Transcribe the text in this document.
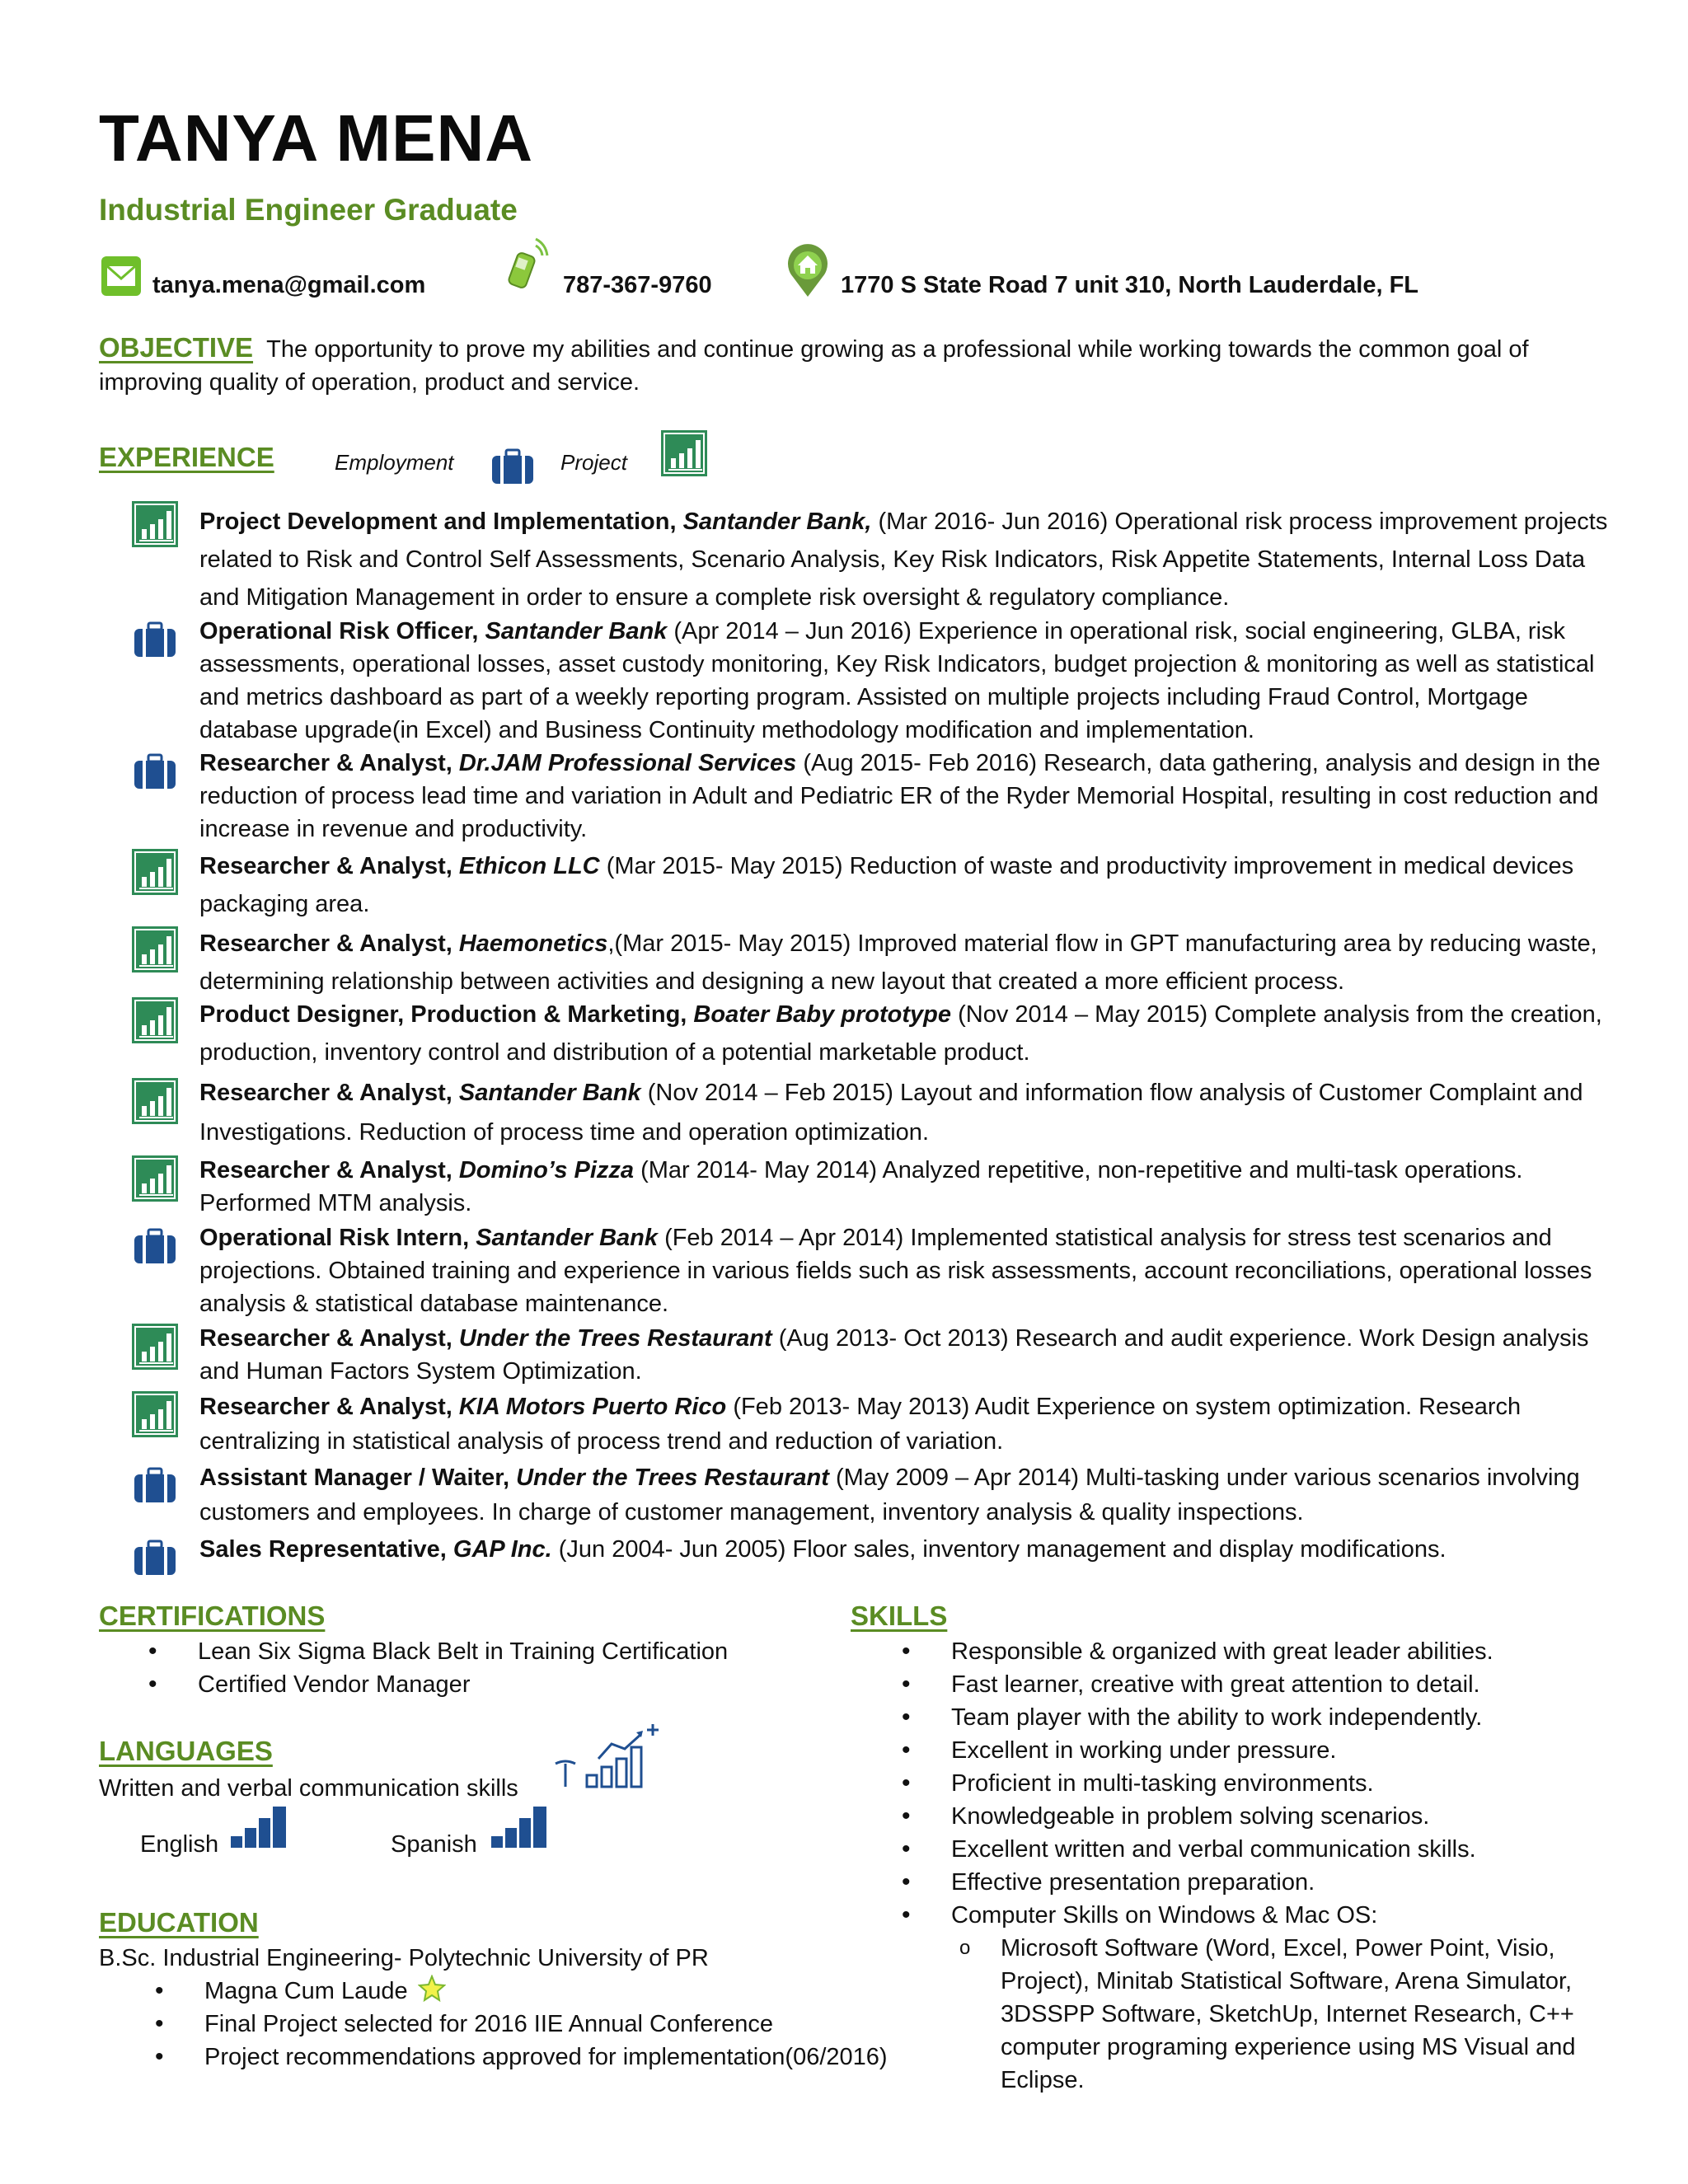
TANYA MENA
Industrial Engineer Graduate
tanya.mena@gmail.com	787-367-9760	1770 S State Road 7 unit 310, North Lauderdale, FL
OBJECTIVE The opportunity to prove my abilities and continue growing as a professional while working towards the common goal of improving quality of operation, product and service.
EXPERIENCE	Employment	Project
Project Development and Implementation, Santander Bank, (Mar 2016- Jun 2016) Operational risk process improvement projects related to Risk and Control Self Assessments, Scenario Analysis, Key Risk Indicators, Risk Appetite Statements, Internal Loss Data and Mitigation Management in order to ensure a complete risk oversight & regulatory compliance.
Operational Risk Officer, Santander Bank (Apr 2014 – Jun 2016) Experience in operational risk, social engineering, GLBA, risk assessments, operational losses, asset custody monitoring, Key Risk Indicators, budget projection & monitoring as well as statistical and metrics dashboard as part of a weekly reporting program. Assisted on multiple projects including Fraud Control, Mortgage database upgrade(in Excel) and Business Continuity methodology modification and implementation.
Researcher & Analyst, Dr.JAM Professional Services (Aug 2015- Feb 2016) Research, data gathering, analysis and design in the reduction of process lead time and variation in Adult and Pediatric ER of the Ryder Memorial Hospital, resulting in cost reduction and increase in revenue and productivity.
Researcher & Analyst, Ethicon LLC (Mar 2015- May 2015) Reduction of waste and productivity improvement in medical devices packaging area.
Researcher & Analyst, Haemonetics,(Mar 2015- May 2015) Improved material flow in GPT manufacturing area by reducing waste, determining relationship between activities and designing a new layout that created a more efficient process.
Product Designer, Production & Marketing, Boater Baby prototype (Nov 2014 – May 2015) Complete analysis from the creation, production, inventory control and distribution of a potential marketable product.
Researcher & Analyst, Santander Bank (Nov 2014 – Feb 2015) Layout and information flow analysis of Customer Complaint and Investigations. Reduction of process time and operation optimization.
Researcher & Analyst, Domino’s Pizza (Mar 2014- May 2014) Analyzed repetitive, non-repetitive and multi-task operations. Performed MTM analysis.
Operational Risk Intern, Santander Bank (Feb 2014 – Apr 2014) Implemented statistical analysis for stress test scenarios and projections. Obtained training and experience in various fields such as risk assessments, account reconciliations, operational losses analysis & statistical database maintenance.
Researcher & Analyst, Under the Trees Restaurant (Aug 2013- Oct 2013) Research and audit experience. Work Design analysis and Human Factors System Optimization.
Researcher & Analyst, KIA Motors Puerto Rico (Feb 2013- May 2013) Audit Experience on system optimization. Research centralizing in statistical analysis of process trend and reduction of variation.
Assistant Manager / Waiter, Under the Trees Restaurant (May 2009 – Apr 2014) Multi-tasking under various scenarios involving customers and employees. In charge of customer management, inventory analysis & quality inspections.
Sales Representative, GAP Inc. (Jun 2004- Jun 2005) Floor sales, inventory management and display modifications.
CERTIFICATIONS
• Lean Six Sigma Black Belt in Training Certification
• Certified Vendor Manager
LANGUAGES
Written and verbal communication skills
English	Spanish
EDUCATION
B.Sc. Industrial Engineering- Polytechnic University of PR
• Magna Cum Laude
• Final Project selected for 2016 IIE Annual Conference
• Project recommendations approved for implementation(06/2016)
SKILLS
• Responsible & organized with great leader abilities.
• Fast learner, creative with great attention to detail.
• Team player with the ability to work independently.
• Excellent in working under pressure.
• Proficient in multi-tasking environments.
• Knowledgeable in problem solving scenarios.
• Excellent written and verbal communication skills.
• Effective presentation preparation.
• Computer Skills on Windows & Mac OS:
o Microsoft Software (Word, Excel, Power Point, Visio, Project), Minitab Statistical Software, Arena Simulator, 3DSSPP Software, SketchUp, Internet Research, C++ computer programing experience using MS Visual and Eclipse.
